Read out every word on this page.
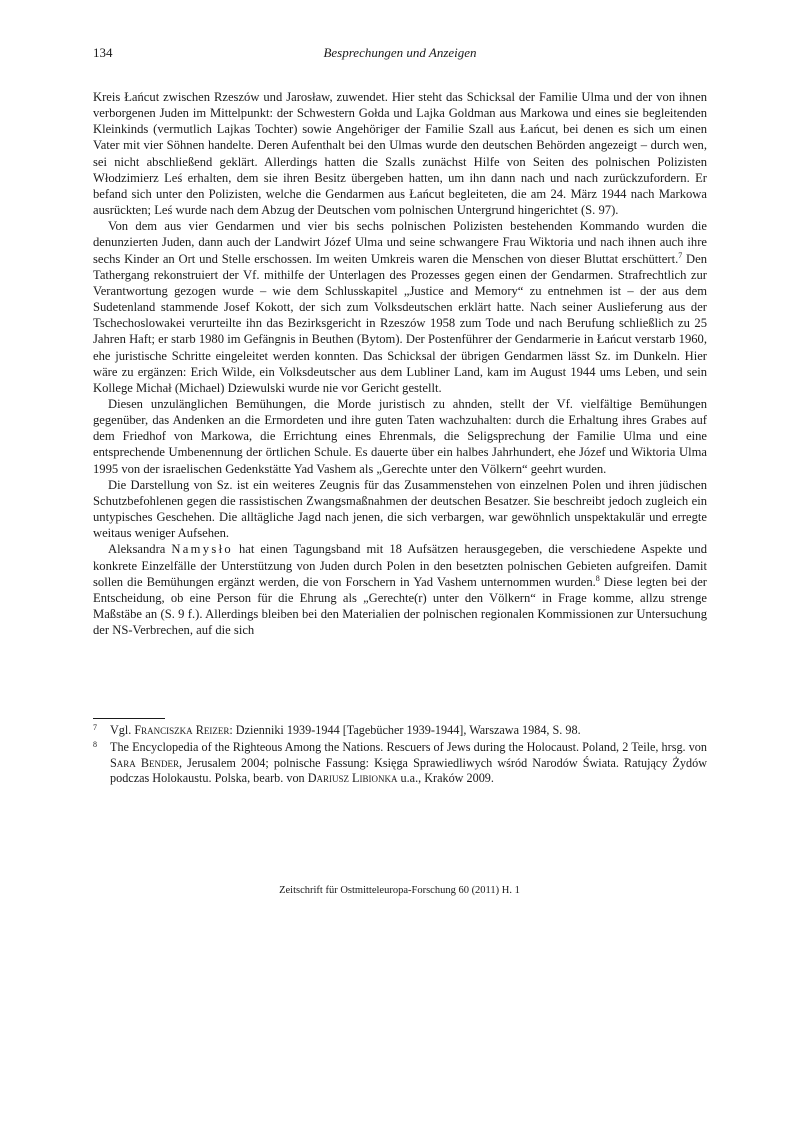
134	Besprechungen und Anzeigen

Kreis Łańcut zwischen Rzeszów und Jarosław, zuwendet. Hier steht das Schicksal der Familie Ulma und der von ihnen verborgenen Juden im Mittelpunkt: der Schwestern Gołda und Lajka Goldman aus Markowa und eines sie begleitenden Kleinkinds (vermutlich Lajkas Tochter) sowie Angehöriger der Familie Szall aus Łańcut, bei denen es sich um einen Vater mit vier Söhnen handelte. Deren Aufenthalt bei den Ulmas wurde den deutschen Behörden angezeigt – durch wen, sei nicht abschließend geklärt. Allerdings hatten die Szalls zunächst Hilfe von Seiten des polnischen Polizisten Włodzimierz Leś erhalten, dem sie ihren Besitz übergeben hatten, um ihn dann nach und nach zurückzufordern. Er befand sich unter den Polizisten, welche die Gendarmen aus Łańcut begleiteten, die am 24. März 1944 nach Markowa ausrückten; Leś wurde nach dem Abzug der Deutschen vom polnischen Untergrund hingerichtet (S. 97).

Von dem aus vier Gendarmen und vier bis sechs polnischen Polizisten bestehenden Kommando wurden die denunzierten Juden, dann auch der Landwirt Józef Ulma und seine schwangere Frau Wiktoria und nach ihnen auch ihre sechs Kinder an Ort und Stelle erschossen. Im weiten Umkreis waren die Menschen von dieser Bluttat erschüttert.$^7$ Den Tathergang rekonstruiert der Vf. mithilfe der Unterlagen des Prozesses gegen einen der Gendarmen. Strafrechtlich zur Verantwortung gezogen wurde – wie dem Schlusskapitel „Justice and Memory“ zu entnehmen ist – der aus dem Sudetenland stammende Josef Kokott, der sich zum Volksdeutschen erklärt hatte. Nach seiner Auslieferung aus der Tschechoslowakei verurteilte ihn das Bezirksgericht in Rzeszów 1958 zum Tode und nach Berufung schließlich zu 25 Jahren Haft; er starb 1980 im Gefängnis in Beuthen (Bytom). Der Postenführer der Gendarmerie in Łańcut verstarb 1960, ehe juristische Schritte eingeleitet werden konnten. Das Schicksal der übrigen Gendarmen lässt Sz. im Dunkeln. Hier wäre zu ergänzen: Erich Wilde, ein Volksdeutscher aus dem Lubliner Land, kam im August 1944 ums Leben, und sein Kollege Michał (Michael) Dziewulski wurde nie vor Gericht gestellt.

Diesen unzulänglichen Bemühungen, die Morde juristisch zu ahnden, stellt der Vf. vielfältige Bemühungen gegenüber, das Andenken an die Ermordeten und ihre guten Taten wachzuhalten: durch die Erhaltung ihres Grabes auf dem Friedhof von Markowa, die Errichtung eines Ehrenmals, die Seligsprechung der Familie Ulma und eine entsprechende Umbenennung der örtlichen Schule. Es dauerte über ein halbes Jahrhundert, ehe Józef und Wiktoria Ulma 1995 von der israelischen Gedenkstätte Yad Vashem als „Gerechte unter den Völkern“ geehrt wurden.

Die Darstellung von Sz. ist ein weiteres Zeugnis für das Zusammenstehen von einzelnen Polen und ihren jüdischen Schutzbefohlenen gegen die rassistischen Zwangsmaßnahmen der deutschen Besatzer. Sie beschreibt jedoch zugleich ein untypisches Geschehen. Die alltägliche Jagd nach jenen, die sich verbargen, war gewöhnlich unspektakulär und erregte weitaus weniger Aufsehen.

Aleksandra Namysło hat einen Tagungsband mit 18 Aufsätzen herausgegeben, die verschiedene Aspekte und konkrete Einzelfälle der Unterstützung von Juden durch Polen in den besetzten polnischen Gebieten aufgreifen. Damit sollen die Bemühungen ergänzt werden, die von Forschern in Yad Vashem unternommen wurden.$^8$ Diese legten bei der Entscheidung, ob eine Person für die Ehrung als „Gerechte(r) unter den Völkern“ in Frage komme, allzu strenge Maßstäbe an (S. 9 f.). Allerdings bleiben bei den Materialien der polnischen regionalen Kommissionen zur Untersuchung der NS-Verbrechen, auf die sich

7 Vgl. Franciszka Reizer: Dzienniki 1939-1944 [Tagebücher 1939-1944], Warszawa 1984, S. 98.
8 The Encyclopedia of the Righteous Among the Nations. Rescuers of Jews during the Holocaust. Poland, 2 Teile, hrsg. von Sara Bender, Jerusalem 2004; polnische Fassung: Księga Sprawiedliwych wśród Narodów Świata. Ratujący Żydów podczas Holokaustu. Polska, bearb. von Dariusz Libionka u.a., Kraków 2009.
Zeitschrift für Ostmitteleuropa-Forschung 60 (2011) H. 1
